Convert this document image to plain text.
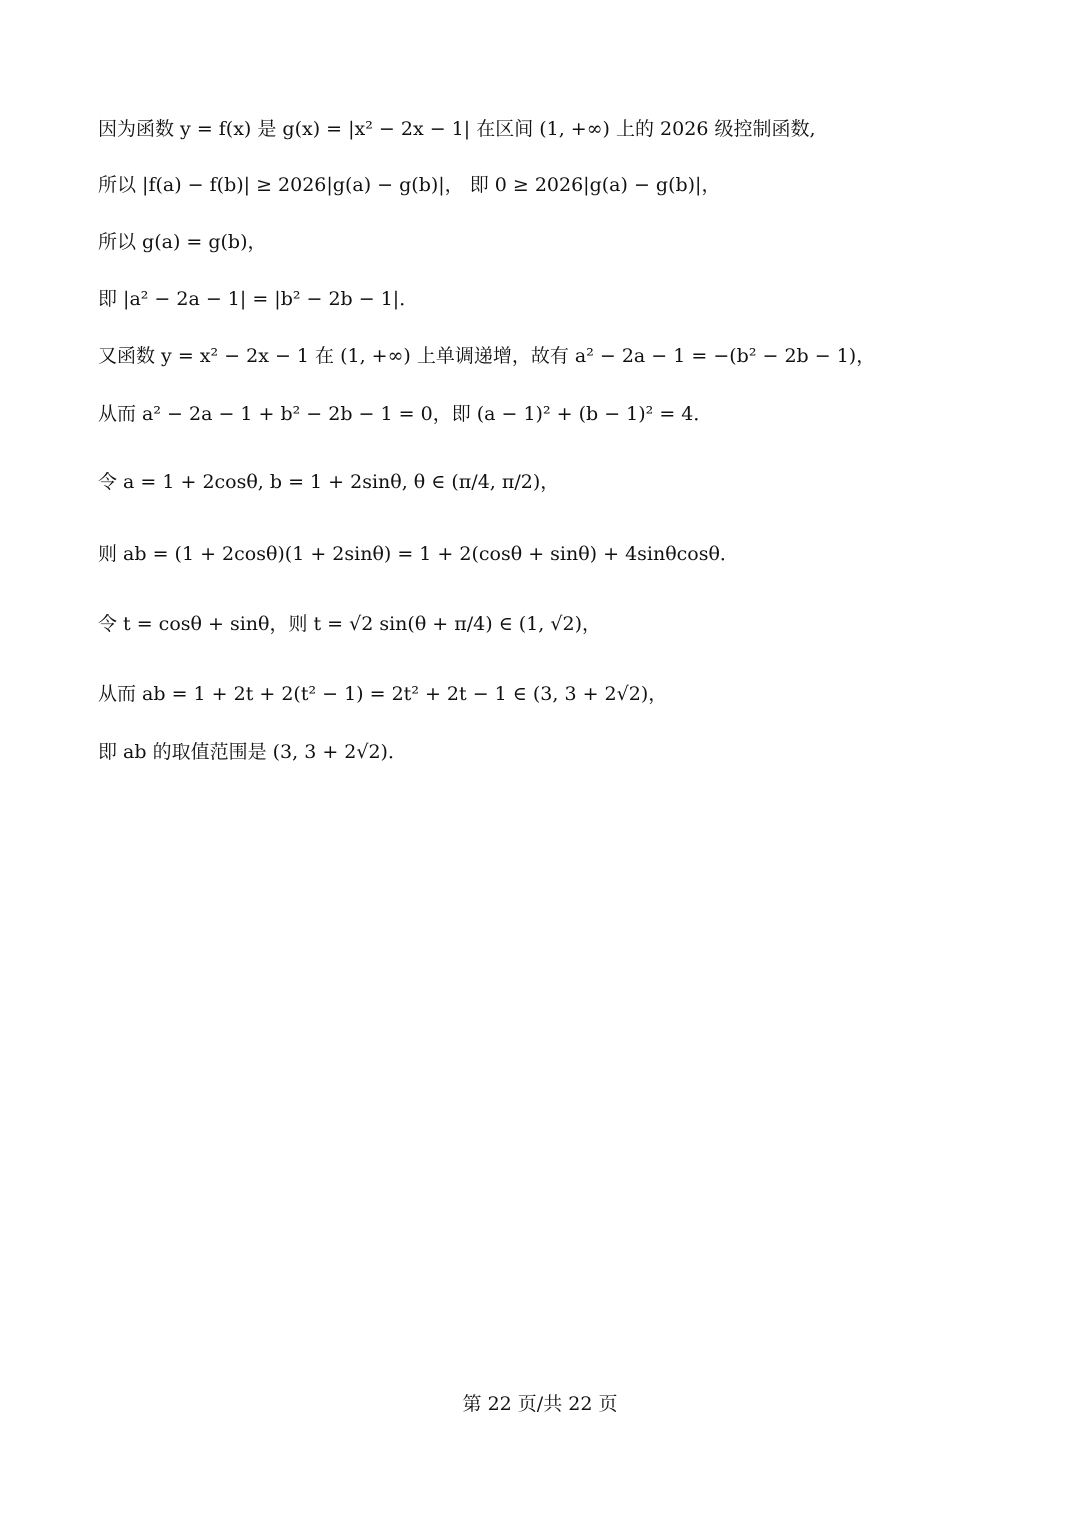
因为函数 y = f(x) 是 g(x) = |x² − 2x − 1| 在区间 (1, +∞) 上的 2026 级控制函数,
所以 |f(a) − f(b)| ≥ 2026|g(a) − g(b)|， 即 0 ≥ 2026|g(a) − g(b)|，
所以 g(a) = g(b)，
即 |a² − 2a − 1| = |b² − 2b − 1|．
又函数 y = x² − 2x − 1 在 (1, +∞) 上单调递增，故有 a² − 2a − 1 = −(b² − 2b − 1)，
从而 a² − 2a − 1 + b² − 2b − 1 = 0，即 (a − 1)² + (b − 1)² = 4．
令 a = 1 + 2cosθ, b = 1 + 2sinθ, θ ∈ (π/4, π/2)，
则 ab = (1 + 2cosθ)(1 + 2sinθ) = 1 + 2(cosθ + sinθ) + 4sinθcosθ．
令 t = cosθ + sinθ，则 t = √2 sin(θ + π/4) ∈ (1, √2)，
从而 ab = 1 + 2t + 2(t² − 1) = 2t² + 2t − 1 ∈ (3, 3 + 2√2)，
即 ab 的取值范围是 (3, 3 + 2√2)．
第 22 页/共 22 页
